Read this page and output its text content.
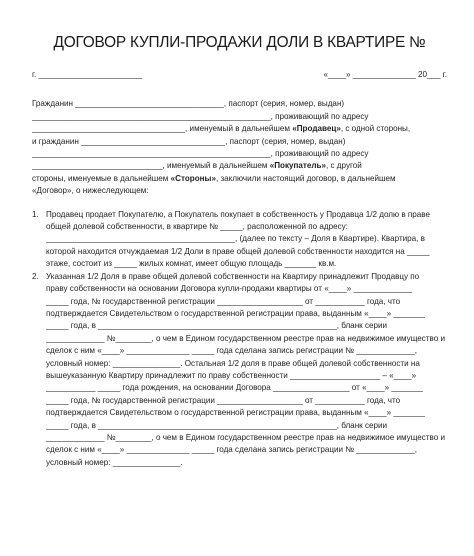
ДОГОВОР КУПЛИ-ПРОДАЖИ ДОЛИ В КВАРТИРЕ №
г. _______________________	«____» ______________ 20___ г.
Гражданин _________________________________, паспорт (серия, номер, выдан)
_____________________________________________________, проживающий по адресу
__________________________________, именуемый в дальнейшем «Продавец», с одной стороны,
и гражданин ________________________________, паспорт (серия, номер, выдан)
_____________________________________________________, проживающий по адресу
_____________________________, именуемый в дальнейшем «Покупатель», с другой
стороны, именуемые в дальнейшем «Стороны», заключили настоящий договор, в дальнейшем
«Договор», о нижеследующем:
1. Продавец продает Покупателю, а Покупатель покупает в собственность у Продавца 1/2 долю в праве
общей долевой собственности, в квартире № _____, расположенной по адресу:
__________________________________________, (далее по тексту – Доля в Квартире). Квартира, в
которой находится отчуждаемая 1/2 Доли в праве общей долевой собственности находится на _____
этаже, состоит из _____ жилых комнат, имеет общую площадь _______ кв.м.
2. Указанная 1/2 Доля в праве общей долевой собственности на Квартиру принадлежит Продавцу по
праву собственности на основании Договора купли-продажи квартиры от «____» _____________
_____ года, № государственной регистрации ___________________ от ___________ года, что
подтверждается Свидетельством о государственной регистрации права, выданным «____» _______
_____ года, в _____________________________________________________, бланк серии
_____________ №________, о чем в Едином государственном реестре прав на недвижимое имущество и
сделок с ним «____» ______________ _____ года сделана запись регистрации № _____________,
условный номер: _______________. Остальная 1/2 доля в праве общей долевой собственности на
вышеуказанную Квартиру принадлежит по праву собственности ____________________ – «____»
___________ _____ года рождения, на основании Договора _________________ от «____» _______
_____ года, № государственной регистрации ___________________ от ___________ года, что
подтверждается Свидетельством о государственной регистрации права, выданным «____» _______
_____ года, в _____________________________________________________, бланк серии
_____________ №________, о чем в Едином государственном реестре прав на недвижимое имущество и
сделок с ним «____» ______________ _____ года сделана запись регистрации № _____________,
условный номер: _______________.
